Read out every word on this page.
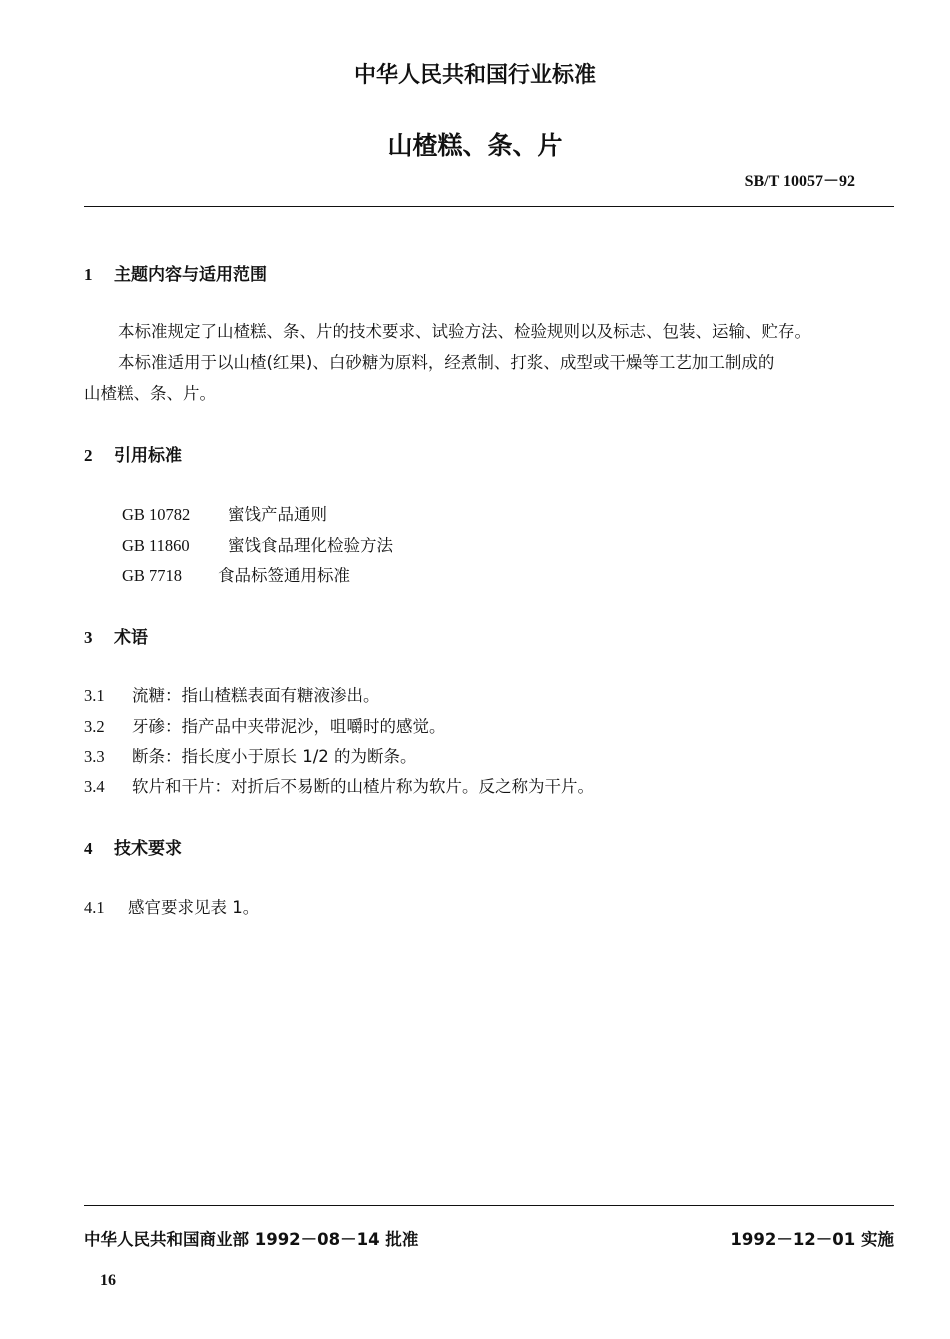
中华人民共和国行业标准
山楂糕、条、片
SB/T 10057－92
1 主题内容与适用范围
本标准规定了山楂糕、条、片的技术要求、试验方法、检验规则以及标志、包装、运输、贮存。
本标准适用于以山楂(红果)、白砂糖为原料，经煮制、打浆、成型或干燥等工艺加工制成的
山楂糕、条、片。
2 引用标准
GB 10782 蜜饯产品通则
GB 11860 蜜饯食品理化检验方法
GB 7718 食品标签通用标准
3 术语
3.1 流糖：指山楂糕表面有糖液渗出。
3.2 牙碜：指产品中夹带泥沙，咀嚼时的感觉。
3.3 断条：指长度小于原长 1/2 的为断条。
3.4 软片和干片：对折后不易断的山楂片称为软片。反之称为干片。
4 技术要求
4.1 感官要求见表 1。
中华人民共和国商业部 1992－08－14 批准	1992－12－01 实施
16
